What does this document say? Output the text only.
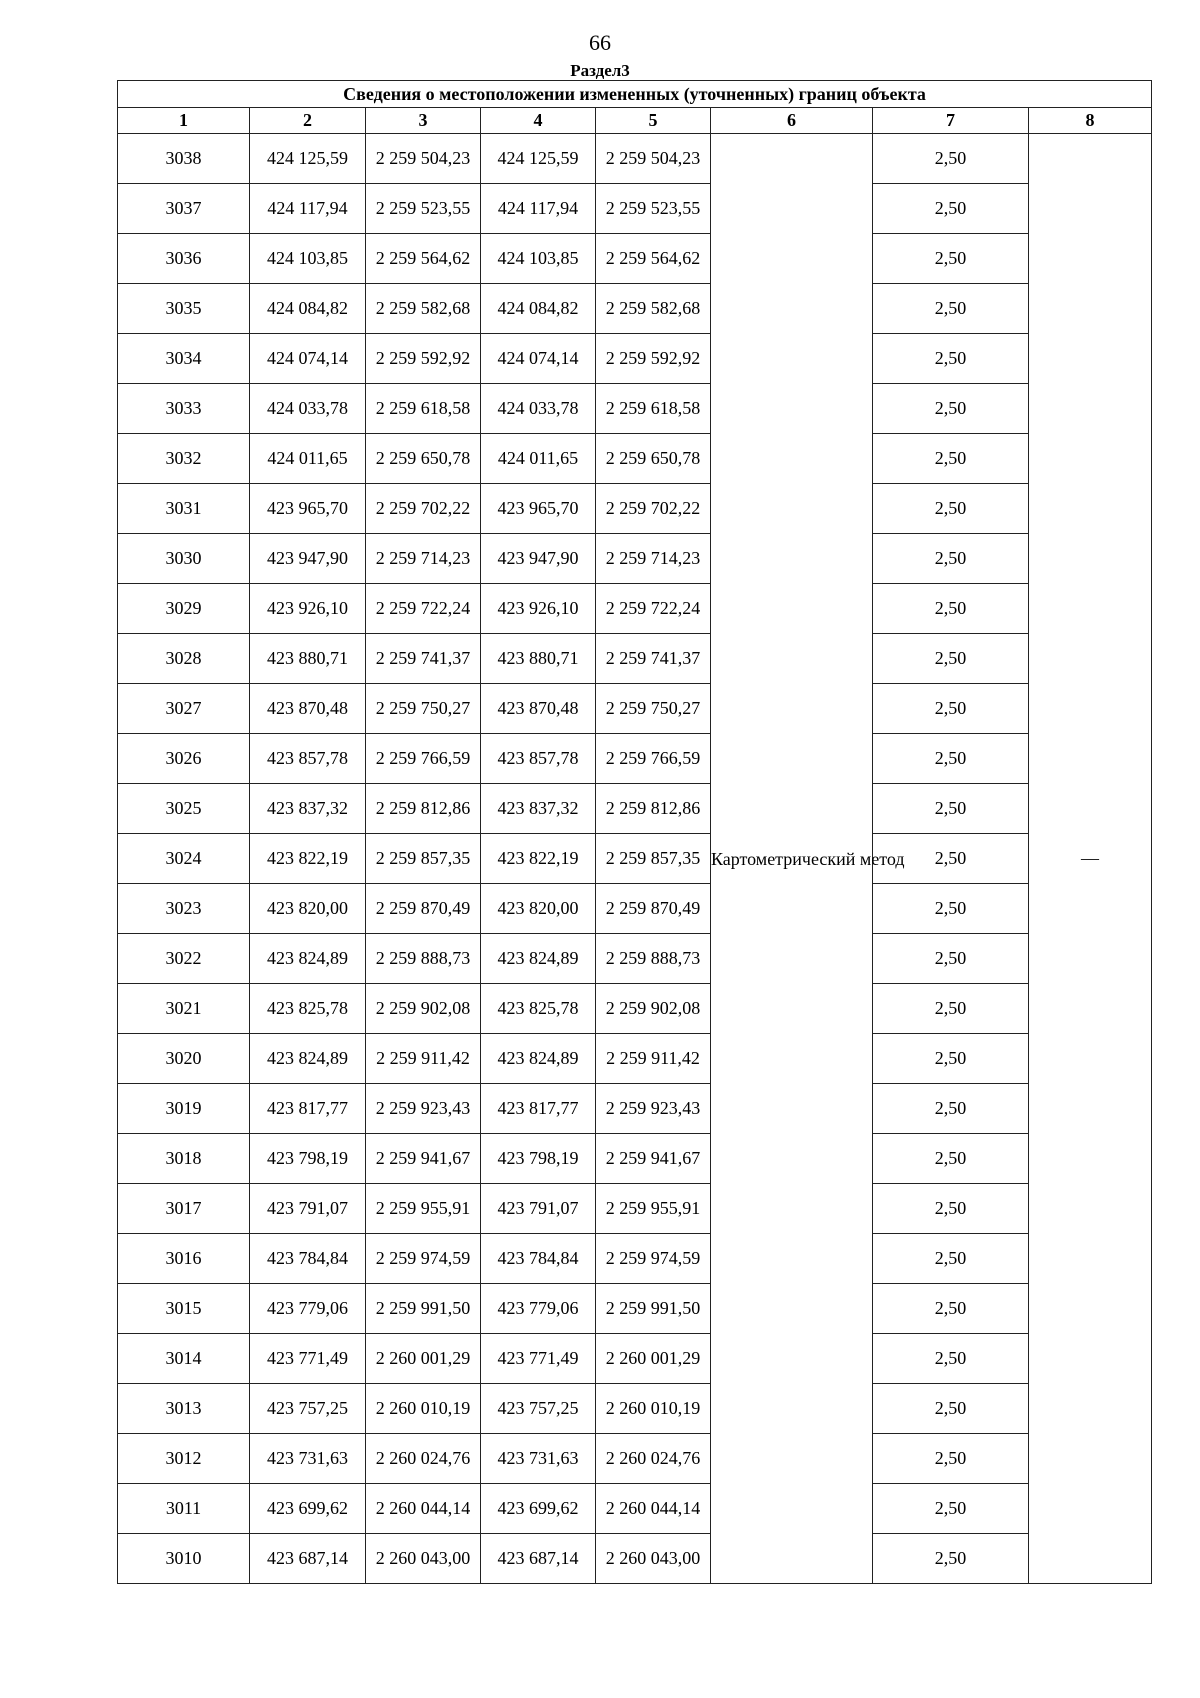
66
Раздел3
Сведения о местоположении измененных (уточненных) границ объекта							
1	2	3	4	5	6	7	8
3038	424 125,59	2 259 504,23	424 125,59	2 259 504,23	Картометрический метод	2,50	—
3037	424 117,94	2 259 523,55	424 117,94	2 259 523,55		2,50	
3036	424 103,85	2 259 564,62	424 103,85	2 259 564,62		2,50	
3035	424 084,82	2 259 582,68	424 084,82	2 259 582,68		2,50	
3034	424 074,14	2 259 592,92	424 074,14	2 259 592,92		2,50	
3033	424 033,78	2 259 618,58	424 033,78	2 259 618,58		2,50	
3032	424 011,65	2 259 650,78	424 011,65	2 259 650,78		2,50	
3031	423 965,70	2 259 702,22	423 965,70	2 259 702,22		2,50	
3030	423 947,90	2 259 714,23	423 947,90	2 259 714,23		2,50	
3029	423 926,10	2 259 722,24	423 926,10	2 259 722,24		2,50	
3028	423 880,71	2 259 741,37	423 880,71	2 259 741,37		2,50	
3027	423 870,48	2 259 750,27	423 870,48	2 259 750,27		2,50	
3026	423 857,78	2 259 766,59	423 857,78	2 259 766,59		2,50	
3025	423 837,32	2 259 812,86	423 837,32	2 259 812,86		2,50	
3024	423 822,19	2 259 857,35	423 822,19	2 259 857,35		2,50	
3023	423 820,00	2 259 870,49	423 820,00	2 259 870,49		2,50	
3022	423 824,89	2 259 888,73	423 824,89	2 259 888,73		2,50	
3021	423 825,78	2 259 902,08	423 825,78	2 259 902,08		2,50	
3020	423 824,89	2 259 911,42	423 824,89	2 259 911,42		2,50	
3019	423 817,77	2 259 923,43	423 817,77	2 259 923,43		2,50	
3018	423 798,19	2 259 941,67	423 798,19	2 259 941,67		2,50	
3017	423 791,07	2 259 955,91	423 791,07	2 259 955,91		2,50	
3016	423 784,84	2 259 974,59	423 784,84	2 259 974,59		2,50	
3015	423 779,06	2 259 991,50	423 779,06	2 259 991,50		2,50	
3014	423 771,49	2 260 001,29	423 771,49	2 260 001,29		2,50	
3013	423 757,25	2 260 010,19	423 757,25	2 260 010,19		2,50	
3012	423 731,63	2 260 024,76	423 731,63	2 260 024,76		2,50	
3011	423 699,62	2 260 044,14	423 699,62	2 260 044,14		2,50	
3010	423 687,14	2 260 043,00	423 687,14	2 260 043,00		2,50	
